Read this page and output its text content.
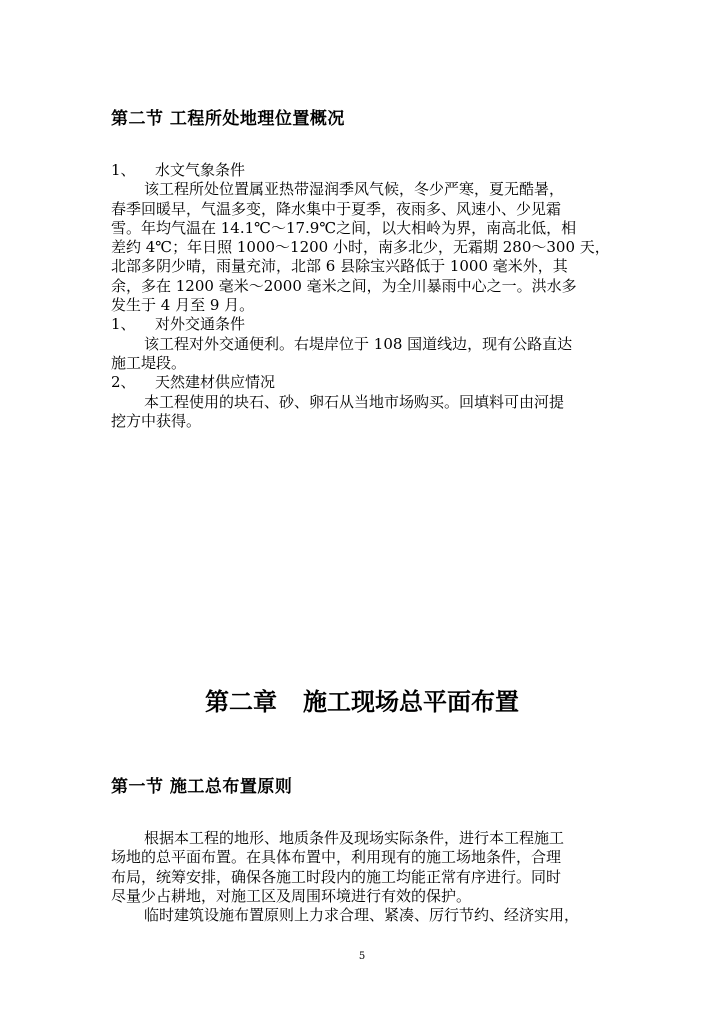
第二节 工程所处地理位置概况
1、 水文气象条件
该工程所处位置属亚热带湿润季风气候，冬少严寒，夏无酷暑，
春季回暖早，气温多变，降水集中于夏季，夜雨多、风速小、少见霜
雪。年均气温在 14.1℃～17.9℃之间，以大相岭为界，南高北低，相
差约 4℃；年日照 1000～1200 小时，南多北少，无霜期 280～300 天，
北部多阴少晴，雨量充沛，北部 6 县除宝兴路低于 1000 毫米外，其
余，多在 1200 毫米～2000 毫米之间，为全川暴雨中心之一。洪水多
发生于 4 月至 9 月。
1、 对外交通条件
该工程对外交通便利。右堤岸位于 108 国道线边，现有公路直达
施工堤段。
2、 天然建材供应情况
本工程使用的块石、砂、卵石从当地市场购买。回填料可由河提
挖方中获得。
第二章 施工现场总平面布置
第一节 施工总布置原则
根据本工程的地形、地质条件及现场实际条件，进行本工程施工
场地的总平面布置。在具体布置中，利用现有的施工场地条件，合理
布局，统筹安排，确保各施工时段内的施工均能正常有序进行。同时
尽量少占耕地，对施工区及周围环境进行有效的保护。
临时建筑设施布置原则上力求合理、紧凑、厉行节约、经济实用，
5
